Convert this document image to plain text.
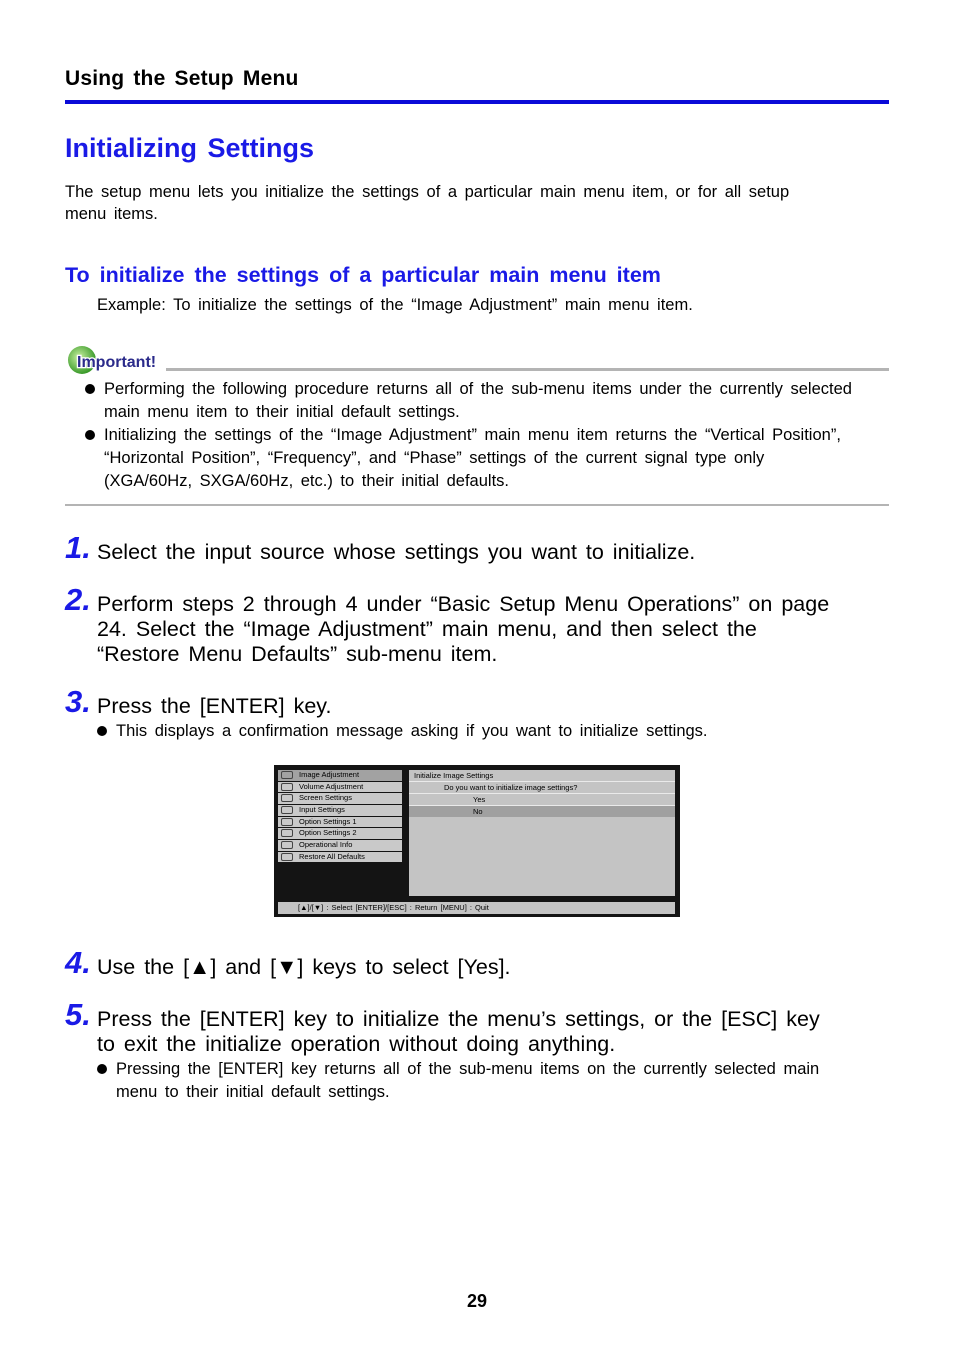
Using the Setup Menu
Initializing Settings
The setup menu lets you initialize the settings of a particular main menu item, or for all setup menu items.
To initialize the settings of a particular main menu item
Example: To initialize the settings of the “Image Adjustment” main menu item.
Important!
Performing the following procedure returns all of the sub-menu items under the currently selected main menu item to their initial default settings.
Initializing the settings of the “Image Adjustment” main menu item returns the “Vertical Position”, “Horizontal Position”, “Frequency”, and “Phase” settings of the current signal type only (XGA/60Hz, SXGA/60Hz, etc.) to their initial defaults.
1. Select the input source whose settings you want to initialize.
2. Perform steps 2 through 4 under “Basic Setup Menu Operations” on page 24. Select the “Image Adjustment” main menu, and then select the “Restore Menu Defaults” sub-menu item.
3. Press the [ENTER] key.
This displays a confirmation message asking if you want to initialize settings.
Image Adjustment
Volume Adjustment
Screen Settings
Input Settings
Option Settings 1
Option Settings 2
Operational Info
Restore All Defaults
Initialize Image Settings
Do you want to initialize image settings?
Yes
No
[▲]/[▼] : Select [ENTER]/[ESC] : Return [MENU] : Quit
4. Use the [▲] and [▼] keys to select [Yes].
5. Press the [ENTER] key to initialize the menu’s settings, or the [ESC] key to exit the initialize operation without doing anything.
Pressing the [ENTER] key returns all of the sub-menu items on the currently selected main menu to their initial default settings.
29
